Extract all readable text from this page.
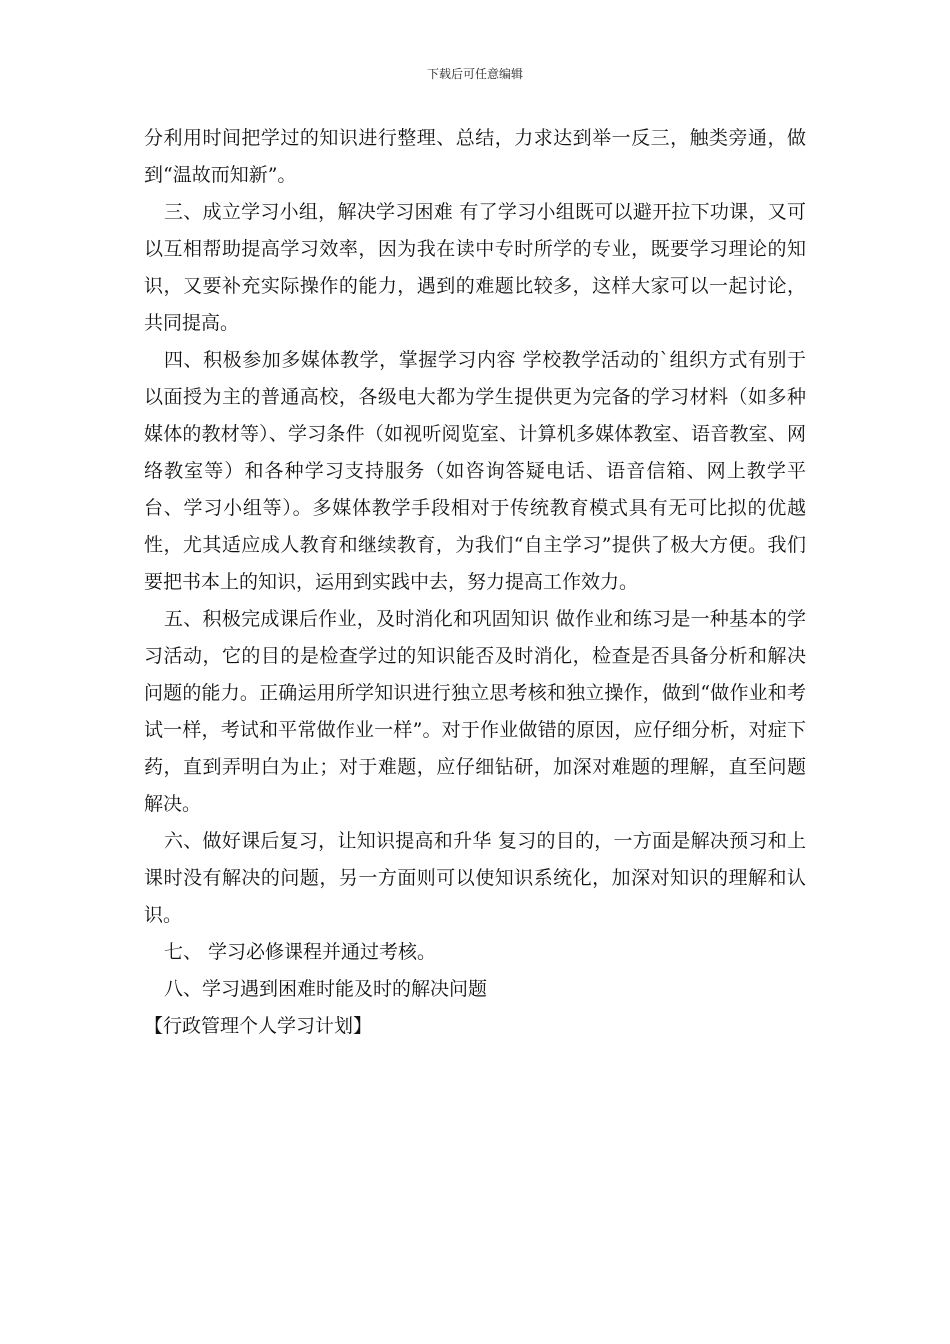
下载后可任意编辑

分利用时间把学过的知识进行整理、总结，力求达到举一反三，触类旁通，做到“温故而知新”。

三、成立学习小组，解决学习困难 有了学习小组既可以避开拉下功课，又可以互相帮助提高学习效率，因为我在读中专时所学的专业，既要学习理论的知识，又要补充实际操作的能力，遇到的难题比较多，这样大家可以一起讨论，共同提高。

四、积极参加多媒体教学，掌握学习内容 学校教学活动的`组织方式有别于以面授为主的普通高校，各级电大都为学生提供更为完备的学习材料（如多种媒体的教材等）、学习条件（如视听阅览室、计算机多媒体教室、语音教室、网络教室等）和各种学习支持服务（如咨询答疑电话、语音信箱、网上教学平台、学习小组等）。多媒体教学手段相对于传统教育模式具有无可比拟的优越性，尤其适应成人教育和继续教育，为我们“自主学习”提供了极大方便。我们要把书本上的知识，运用到实践中去，努力提高工作效力。

五、积极完成课后作业，及时消化和巩固知识 做作业和练习是一种基本的学习活动，它的目的是检查学过的知识能否及时消化，检查是否具备分析和解决问题的能力。正确运用所学知识进行独立思考核和独立操作，做到“做作业和考试一样，考试和平常做作业一样”。对于作业做错的原因，应仔细分析，对症下药，直到弄明白为止；对于难题，应仔细钻研，加深对难题的理解，直至问题解决。

六、做好课后复习，让知识提高和升华 复习的目的，一方面是解决预习和上课时没有解决的问题，另一方面则可以使知识系统化，加深对知识的理解和认识。

七、 学习必修课程并通过考核。

八、学习遇到困难时能及时的解决问题

【行政管理个人学习计划】
